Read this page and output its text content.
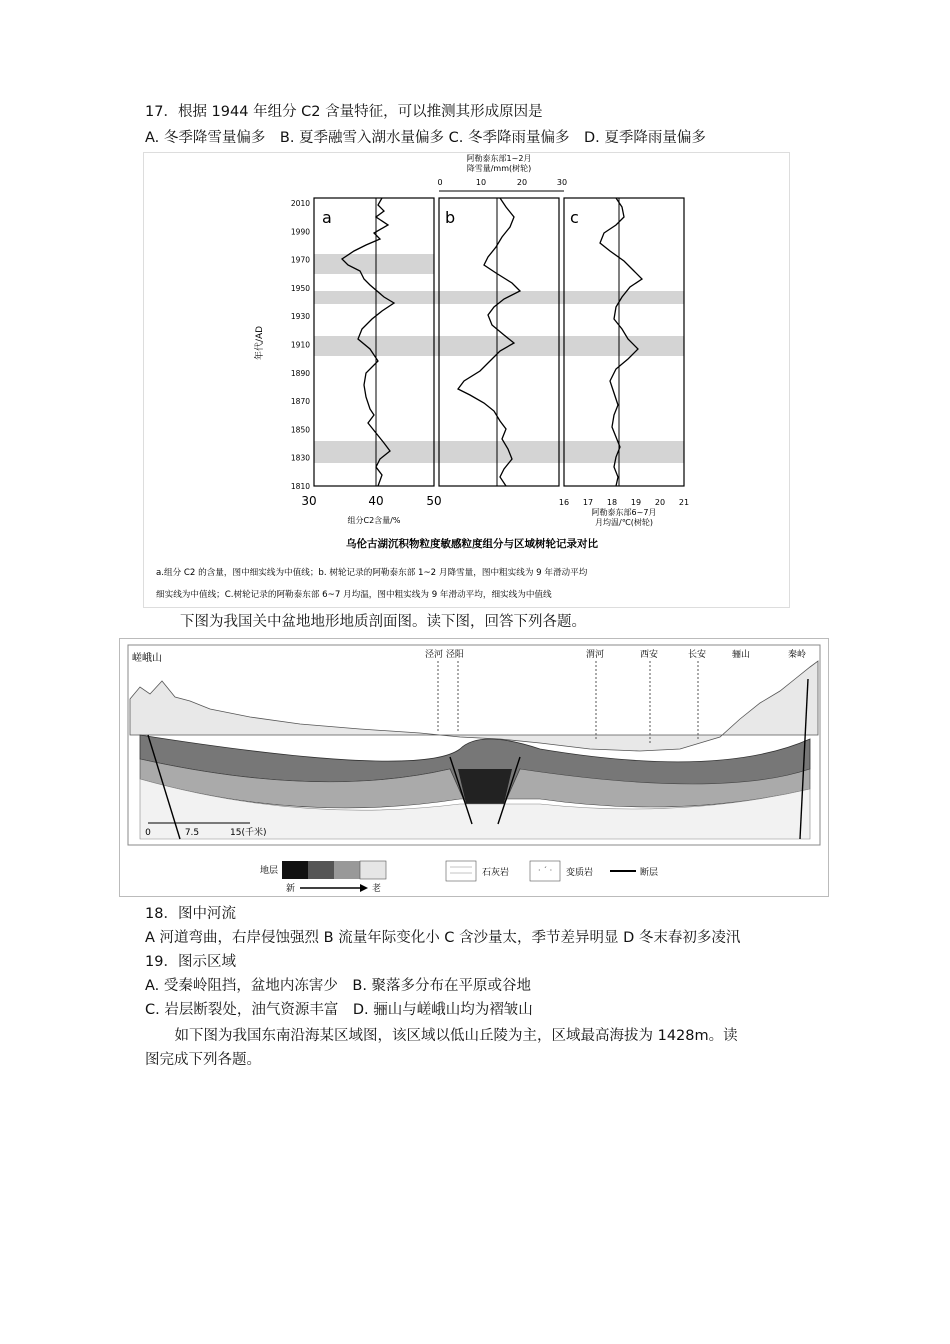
17．根据 1944 年组分 C2 含量特征，可以推测其形成原因是
A. 冬季降雪量偏多　B. 夏季融雪入湖水量偏多 C. 冬季降雨量偏多　D. 夏季降雨量偏多
阿勒泰东部1~2月
降雪量/mm(树轮)
0	10	20	30
a	b	c
年代/AD
2010
1990
1970
1950
1930
1910
1890
1870
1850
1830
1810
30	40	50
组分C2含量/%
16 17 18 19 20 21
阿勒泰东部6~7月
月均温/℃(树轮)
乌伦古湖沉积物粒度敏感粒度组分与区域树轮记录对比
a.组分 C2 的含量，图中细实线为中值线；b. 树轮记录的阿勒泰东部 1~2 月降雪量，图中粗实线为 9 年滑动平均
细实线为中值线；C.树轮记录的阿勒泰东部 6~7 月均温，图中粗实线为 9 年滑动平均，细实线为中值线
下图为我国关中盆地地形地质剖面图。读下图，回答下列各题。
嵯峨山	泾河 泾阳	渭河	西安	长安	骊山	秦岭
0	7.5	15(千米)
地层
新	老
石灰岩	· ´ · 变质岩	断层
18．图中河流
A 河道弯曲，右岸侵蚀强烈 B 流量年际变化小 C 含沙量太，季节差异明显 D 冬末春初多凌汛
19．图示区域
A. 受秦岭阻挡，盆地内冻害少　B. 聚落多分布在平原或谷地
C. 岩层断裂处，油气资源丰富　D. 骊山与嵯峨山均为褶皱山
　如下图为我国东南沿海某区域图，该区域以低山丘陵为主，区域最高海拔为 1428m。读
图完成下列各题。
